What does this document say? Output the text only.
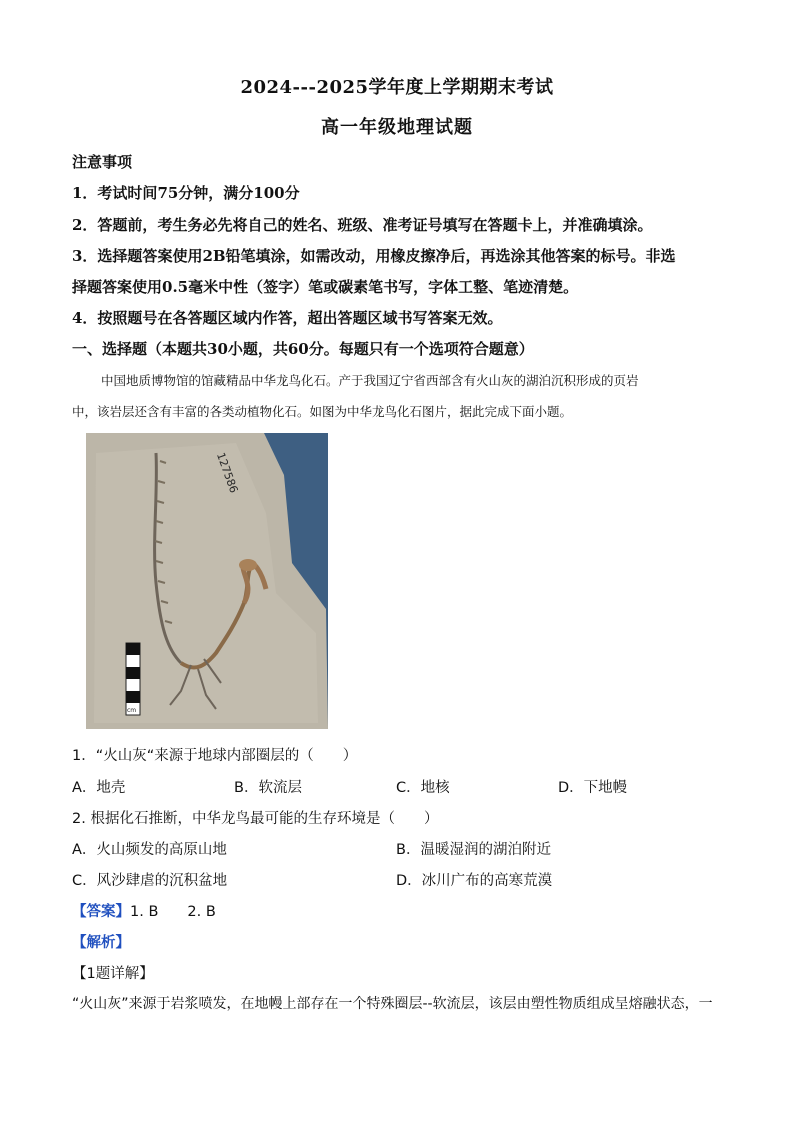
2024---2025学年度上学期期末考试
高一年级地理试题
注意事项
1．考试时间75分钟，满分100分
2．答题前，考生务必先将自己的姓名、班级、准考证号填写在答题卡上，并准确填涂。
3．选择题答案使用2B铅笔填涂，如需改动，用橡皮擦净后，再选涂其他答案的标号。非选
择题答案使用0.5毫米中性（签字）笔或碳素笔书写，字体工整、笔迹清楚。
4．按照题号在各答题区域内作答，超出答题区域书写答案无效。
一、选择题（本题共30小题，共60分。每题只有一个选项符合题意）
中国地质博物馆的馆藏精品中华龙鸟化石。产于我国辽宁省西部含有火山灰的湖泊沉积形成的页岩
中，该岩层还含有丰富的各类动植物化石。如图为中华龙鸟化石图片，据此完成下面小题。
127586
cm
1．“火山灰“来源于地球内部圈层的（　　）
A．地壳	B．软流层	C．地核	D．下地幔
2. 根据化石推断，中华龙鸟最可能的生存环境是（　　）
A．火山频发的高原山地	B．温暖湿润的湖泊附近
C．风沙肆虐的沉积盆地	D．冰川广布的高寒荒漠
【答案】1. B　　2. B
【解析】
【1题详解】
“火山灰”来源于岩浆喷发，在地幔上部存在一个特殊圈层--软流层，该层由塑性物质组成呈熔融状态，一
